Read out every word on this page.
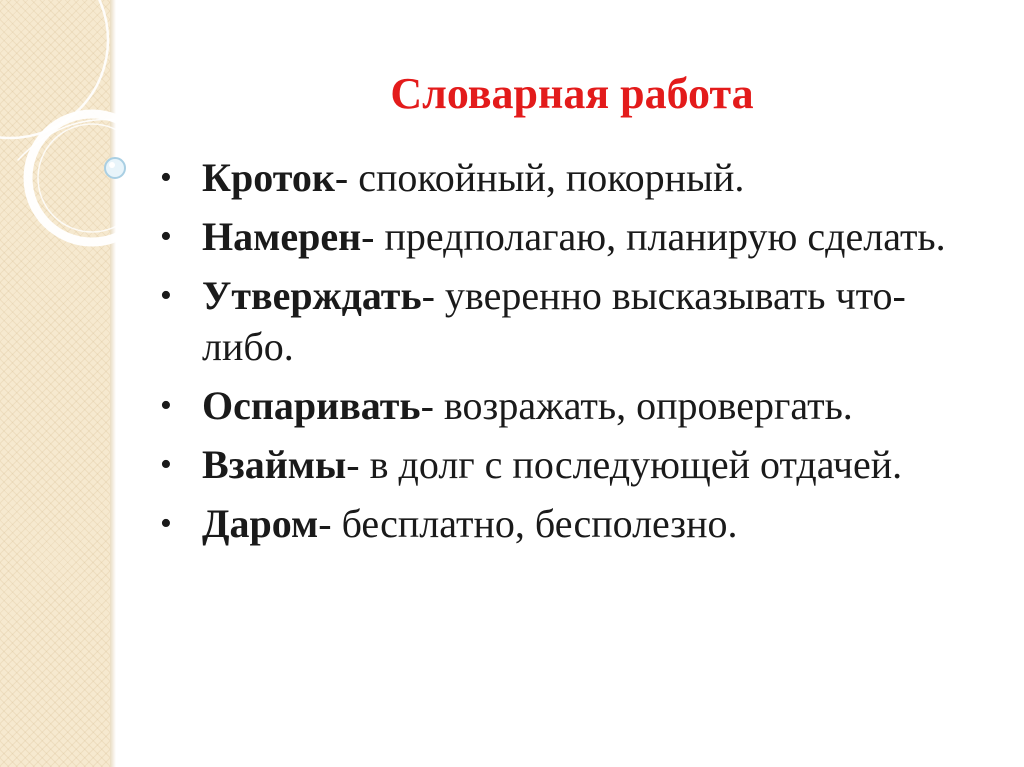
Словарная работа
• Кроток- спокойный, покорный.
• Намерен- предполагаю, планирую сделать.
• Утверждать- уверенно высказывать что-либо.
• Оспаривать- возражать, опровергать.
• Взаймы- в долг с последующей отдачей.
• Даром- бесплатно, бесполезно.
